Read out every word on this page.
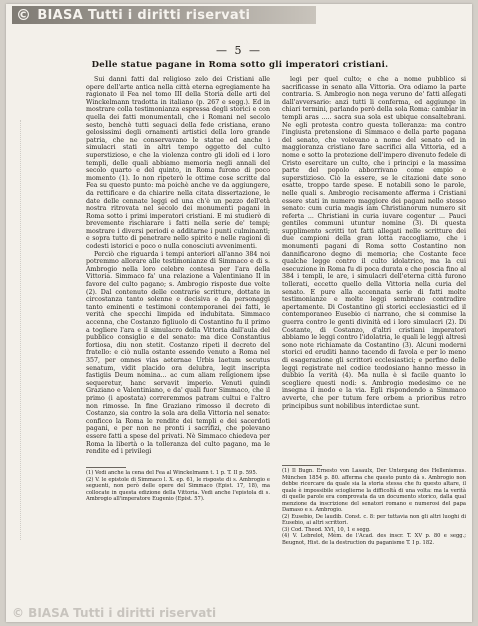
© BIASA Tutti i diritti riservati
— 5 —
Delle statue pagane in Roma sotto gli imperatori cristiani.

Sui danni fatti dal religioso zelo dei Cristiani alle opere dell'arte antica nella città eterna egregiamente ha ragionato il Fea nel tomo III della Storia delle arti del Winckelmann tradotta in italiano (p. 267 e segg.). Ed in mostrare colla testimonianza espressa degli storici e con quella dei fatti monumentali, che i Romani nel secolo sesto, benchè tutti seguaci della fede cristiana, erano gelosissimi degli ornamenti artistici della loro grande patria, che ne conservavano le statue ed anche i simulacri stati in altri tempo oggetto del culto superstizioso, e che la violenza contro gli idoli ed i loro templi, delle quali abbiamo memoria negli annali del secolo quarto e del quinto, in Roma furono di poco momento (1). Io non ripeterò le ottime cose scritte dal Fea su questo punto: ma poichè anche ve da aggiungere, da rettificare e da chiarire nella citata dissertazione, le date delle cennate leggi ed una ch'è un pezzo dell'età nostra ritrovata nel secolo dei monumenti pagani in Roma sotto i primi imperatori cristiani. E mi studierò di brevemente rischiarare i fatti nella serie de' tempi; mostrare i diversi periodi e additarne i punti culminanti; e sopra tutto di penetrare nello spirito e nelle ragioni di codesti istorici e poco o nulla conosciuti avvenimenti.

Perciò che riguarda i tempi anteriori all'anno 384 noi potremmo allorare alle testimonianze di Simmaco e di s. Ambrogio nella loro celebre contesa per l'ara della Vittoria. Simmaco fa' una relazione a Valentiniano II in favore del culto pagano; s. Ambrogio risposte due volte (2). Dal contenuto delle contrarie scritture, dottate in circostanza tanto solenne e decisiva e da personaggi tanto eminenti e testimoni contemporanei dei fatti, le verità che specchi limpida ed indubitata. Simmaco accenna, che Costanzo figliuolo di Costantino fu il primo a togliere l'ara e il simulacro della Vittoria dall'aula del pubblico consiglio e del senato: ma dice Constantius fortiosa, diu non stetit. Costanzo ripeti il decreto del fratello: e ciò nulla ostante essendo venuto a Roma nel 357, per omnes vias aeternae Urbis laetum secutus senatum, vidit placido ora delubra, legit inscripta fastigiis Deum nomina... ac cum aliam religionem ipse sequeretur, hanc servavit imperio. Venuti quindi Graziano e Valentiniano, e da' quali fuor Simmaco, che il primo (i apostata) correremmos patram cultui e l'altro non rimosse. In fine Graziano rimosso il decreto di Costanzo, sia contro la sola ara della Vittoria nel senato: conficco la Roma le rendite dei templi e dei sacerdoti pagani, e per non ne pronti i sacrifizi, che polevano essere fatti a spese del privati. Nè Simmaco chiedeva per Roma la libertà o la tolleranza del culto pagano, ma le rendite ed i privilegi

legi per quel culto; e che a nome pubblico si sacrificasse in senato alla Vittoria. Ora odiamo la parte contraria. S. Ambrogio non nega veruno de' fatti allegati dall'avversario: anzi tutti li conferma, ed aggiunge in chiari termini, parlando però della sola Roma: cambiar in templi aras ..... sacra sua sola est ubique consaltebrani. Ne egli protesta contro questa tolleranza: ma contro l'ingiusta pretensione di Simmaco e della parte pagana del senato, che volevano a nome del senato ed in maggioranza cristiano fare sacrifici alla Vittoria, ed a nome e sotto la protezione dell'impero divenuto fedele di Cristo esercitare un culto, che i principi e la massima parte del popolo abborrivano come empio e superstizioso. Ciò la essere, se le citazioni date sono esatte, troppo tarde spese. E notabili sono le parole, nelle quali s. Ambrogio recisamente afferma i Cristiani essere stati in numero maggiore dei pagani nello stesso senato: cum curia magis iam Christianorum numero sit referta ... Christiani in curia iuvare cogentur ... Pauci gentiles communi utuntur nomine (3). Di questa supplimento scritti tot fatti allegati nelle scritture dei due campioni della gran lotta raccogliamo, che i monumenti pagani di Roma sotto Costantino non dannificarono degno di memoria; che Costante fece qualche legge contro il culto idolatrico, ma la cui esecuzione in Roma fu di poca durata e che poscia fino al 384 i templi, le are, i simulacri dell'eterna città furono tollerati, eccetto quello della Vittoria nella curia del senato. E pure alla accennata serie di fatti molte testimonianze e molte leggi sembrano contradire apertamente. Di Costantino gli storici ecclesiastici ed il contemporaneo Eusebio ci narrano, che si commise la guerra contro le genti divinità ed i loro simulacri (2). Di Costante, di Costanzo, d'altri cristiani imperatori abbiamo le leggi contro l'idolatria, le quali le leggi altresì sono note richiamate da Costantino (3). Alcuni moderni storici ed eruditi hanno tacendo di favola e per lo meno di esagerazione gli scrittori ecclesiastici; e perfino delle leggi registrate nel codice teodosiano hanno messo in dubbio la verità (4). Ma nulla è sì facile quanto lo scegliere questi nodi: s. Ambrogio medesimo ce ne insegna il modo e la via. Egli rispondendo a Simmaco avverte, che per tutum fere orbem a prioribus retro principibus sunt nobilibus interdictae sunt.

(1) Vedi anche la cena del Fea al Winckelmann t. 1 p. T. II p. 595.

(2) V. le epistole di Simmaco l. X. ep. 61, le risposte di s. Ambrogio e seguenti, non però delle opere del Simmaco (Epist. 17, 18), ma collocate in questa edizione della Vittoria. Vedi anche l'epistola di s. Ambrogio all'imperatore Eugenio (Epist. 57).

(1) Il Bugn. Ernesto von Lasaulx, Der Untergang des Hellenismus. München 1854 p. 80. afferma che questo punto dà s. Ambrogio non debbe ricercare da quale sia la storia stessa che fu questo altare, il quale è impossibile scioglierne la difficoltà di una volta: ma la verità di quelle parole era comprovata da un documento storico, dalla qual menzione da inscrizione del senatori romano e numerosi del papa Damaso e s. Ambrogio.

(2) Eusebio, De laudib. Const. c. 8: per tuttavia non gli altri luoghi di Eusebio, ai altri scrittori.

(3) Cod. Theod. XVI, 10, 1 e segg.

(4) V. Lebrelot, Mém. de l'Acad. des inscr. T. XV p. 80 e segg.; Beugnot, Hist. de la destruction du paganisme T. I p. 182.

© BIASA Tutti i diritti riservati
